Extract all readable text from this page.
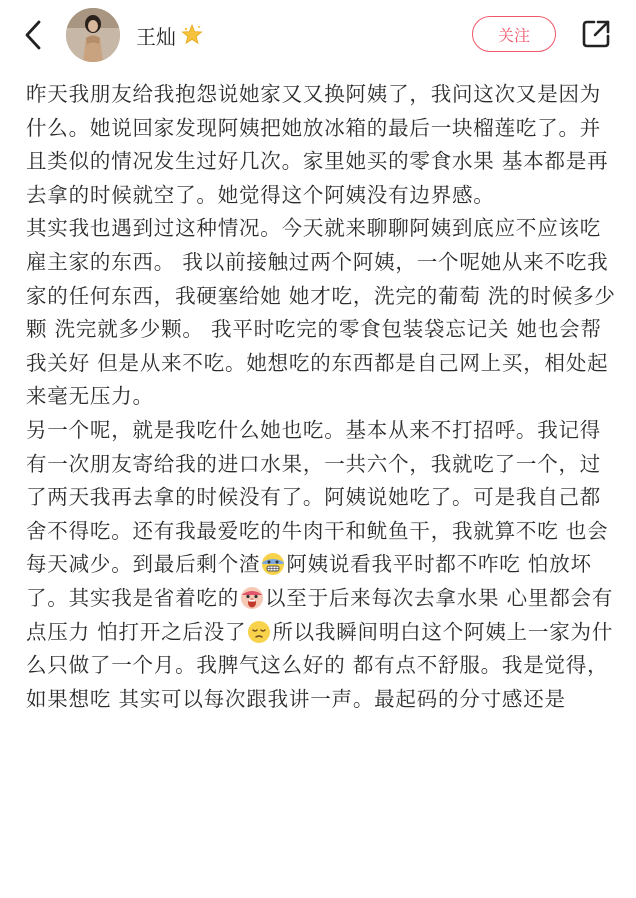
王灿	关注

昨天我朋友给我抱怨说她家又又换阿姨了，我问这次又是因为什么。她说回家发现阿姨把她放冰箱的最后一块榴莲吃了。并且类似的情况发生过好几次。家里她买的零食水果 基本都是再去拿的时候就空了。她觉得这个阿姨没有边界感。

其实我也遇到过这种情况。今天就来聊聊阿姨到底应不应该吃雇主家的东西。 我以前接触过两个阿姨，一个呢她从来不吃我家的任何东西，我硬塞给她 她才吃，洗完的葡萄 洗的时候多少颗 洗完就多少颗。 我平时吃完的零食包装袋忘记关 她也会帮我关好 但是从来不吃。她想吃的东西都是自己网上买，相处起来毫无压力。

另一个呢，就是我吃什么她也吃。基本从来不打招呼。我记得有一次朋友寄给我的进口水果，一共六个，我就吃了一个，过了两天我再去拿的时候没有了。阿姨说她吃了。可是我自己都舍不得吃。还有我最爱吃的牛肉干和鱿鱼干，我就算不吃 也会每天减少。到最后剩个渣 阿姨说看我平时都不咋吃 怕放坏了。其实我是省着吃的 以至于后来每次去拿水果 心里都会有点压力 怕打开之后没了 所以我瞬间明白这个阿姨上一家为什么只做了一个月。我脾气这么好的 都有点不舒服。我是觉得，如果想吃 其实可以每次跟我讲一声。最起码的分寸感还是
